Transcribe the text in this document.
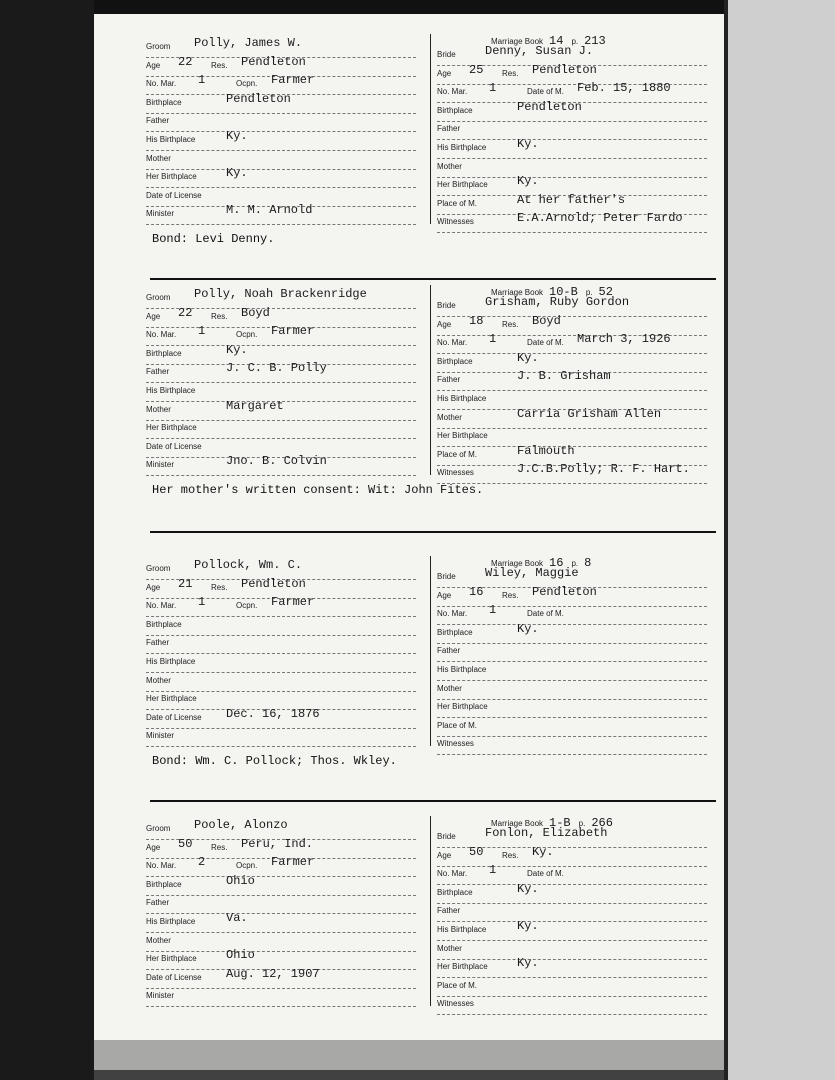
Groom Polly, James W.
Age 22 Res. Pendleton
No. Mar. 1	Ocpn. Farmer
Birthplace	Pendleton
Father
His Birthplace	Ky.
Mother
Her Birthplace Ky.
Date of License
Minister	M. M. Arnold
Marriage Book 14 p. 213
Bride Denny, Susan J.
Age 25 Res. Pendleton
No. Mar. 1	Date of M. Feb. 15, 1880
Birthplace	Pendleton
Father
His Birthplace	Ky.
Mother
Her Birthplace Ky.
Place of M.	At her father's
Witnesses	E.A.Arnold; Peter Fardo
Bond: Levi Denny.
Groom Polly, Noah Brackenridge
Age 22 Res. Boyd
No. Mar. 1	Ocpn. Farmer
Birthplace	Ky.
Father	J. C. B. Polly
His Birthplace
Mother	Margaret
Her Birthplace
Date of License
Minister	Jno. B. Colvin
Marriage Book 10-B p. 52
Bride Grisham, Ruby Gordon
Age 18 Res. Boyd
No. Mar. 1	Date of M. March 3, 1926
Birthplace	Ky.
Father	J. B. Grisham
His Birthplace
Mother	Carria Grisham Allen
Her Birthplace
Place of M.	Falmouth
Witnesses	J.C.B.Polly; R. F. Hart.
Her mother's written consent: Wit: John Fites.
Groom Pollock, Wm. C.
Age 21 Res. Pendleton
No. Mar. 1	Ocpn. Farmer
Birthplace
Father
His Birthplace
Mother
Her Birthplace
Date of License Dec. 16, 1876
Minister
Marriage Book 16 p. 8
Bride Wiley, Maggie
Age 16 Res. Pendleton
No. Mar. 1	Date of M.
Birthplace	Ky.
Father
His Birthplace
Mother
Her Birthplace
Place of M.
Witnesses
Bond: Wm. C. Pollock; Thos. Wkley.
Groom Poole, Alonzo
Age 50 Res. Peru, Ind.
No. Mar. 2	Ocpn. Farmer
Birthplace	Ohio
Father
His Birthplace	Va.
Mother
Her Birthplace Ohio
Date of License Aug. 12, 1907
Minister
Marriage Book 1-B p. 266
Bride Fonlon, Elizabeth
Age 50 Res. Ky.
No. Mar. 1	Date of M.
Birthplace	Ky.
Father
His Birthplace	Ky.
Mother
Her Birthplace Ky.
Place of M.
Witnesses
